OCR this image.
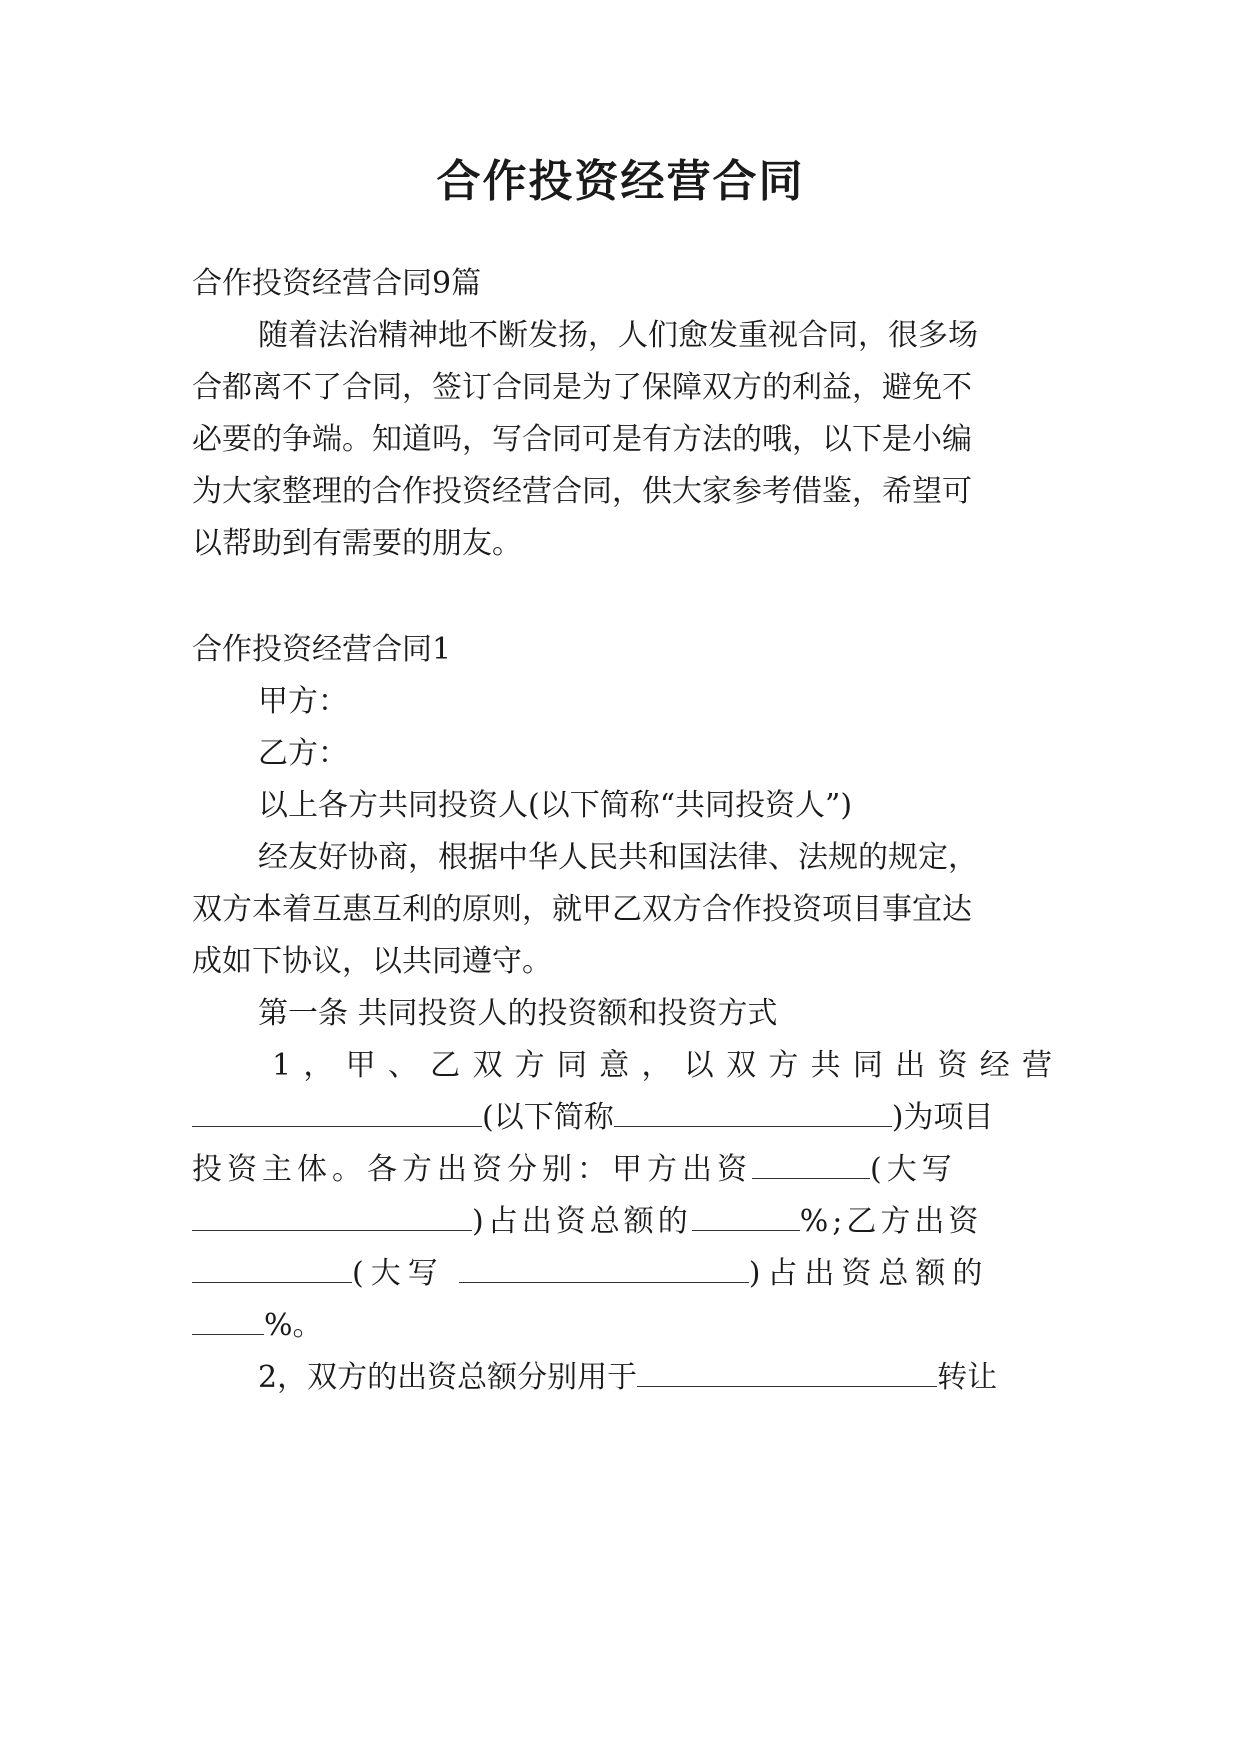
合作投资经营合同

合作投资经营合同9篇

随着法治精神地不断发扬，人们愈发重视合同，很多场

合都离不了合同，签订合同是为了保障双方的利益，避免不

必要的争端。知道吗，写合同可是有方法的哦，以下是小编

为大家整理的合作投资经营合同，供大家参考借鉴，希望可

以帮助到有需要的朋友。

合作投资经营合同1

甲方：

乙方：

以上各方共同投资人(以下简称“共同投资人”)

经友好协商，根据中华人民共和国法律、法规的规定，

双方本着互惠互利的原则，就甲乙双方合作投资项目事宜达

成如下协议，以共同遵守。

第一条 共同投资人的投资额和投资方式

1，甲、乙双方同意，以双方共同出资经营

(以下简称	)为项目

投资主体。各方出资分别：甲方出资	(大写

)占出资总额的	%;乙方出资

(大写	)占出资总额的

%。

2，双方的出资总额分别用于	转让
